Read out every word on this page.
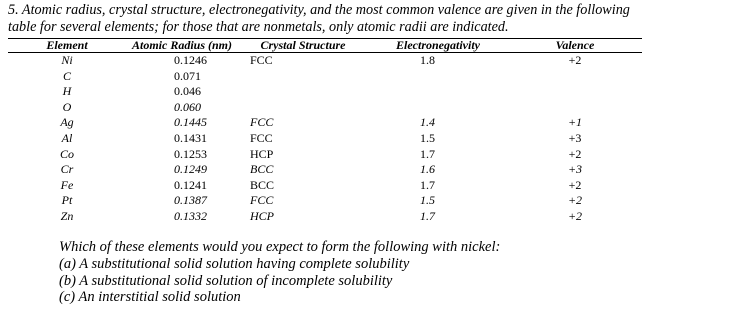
5. Atomic radius, crystal structure, electronegativity, and the most common valence are given in the following

table for several elements; for those that are nonmetals, only atomic radii are indicated.

Element	Atomic Radius (nm)	Crystal Structure	Electronegativity	Valence
Ni	0.1246	FCC	1.8	+2
C	0.071			
H	0.046			
O	0.060			
Ag	0.1445	FCC	1.4	+1
Al	0.1431	FCC	1.5	+3
Co	0.1253	HCP	1.7	+2
Cr	0.1249	BCC	1.6	+3
Fe	0.1241	BCC	1.7	+2
Pt	0.1387	FCC	1.5	+2
Zn	0.1332	HCP	1.7	+2

Which of these elements would you expect to form the following with nickel:

(a) A substitutional solid solution having complete solubility

(b) A substitutional solid solution of incomplete solubility

(c) An interstitial solid solution
